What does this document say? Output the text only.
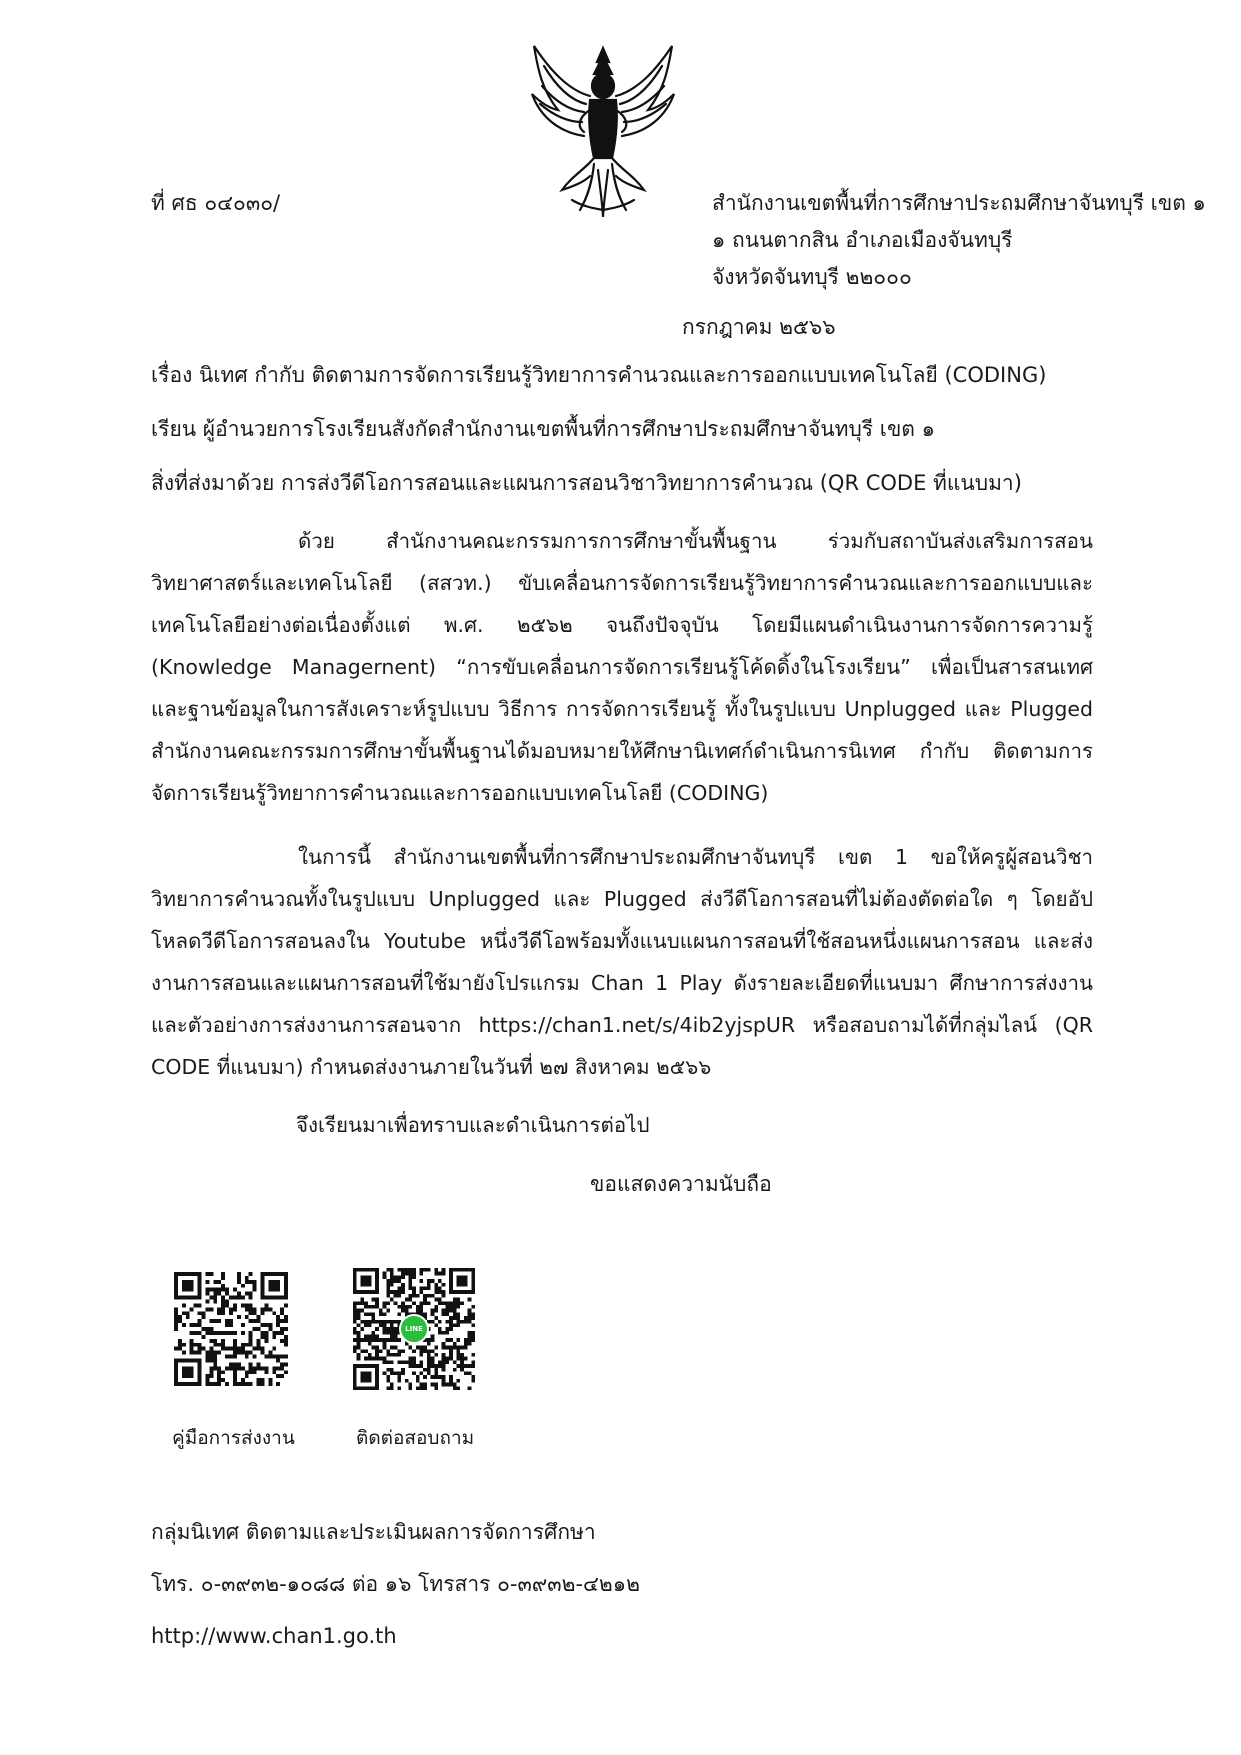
ที่ ศธ ๐๔๐๓๐/	สำนักงานเขตพื้นที่การศึกษาประถมศึกษาจันทบุรี เขต ๑
๑ ถนนตากสิน อำเภอเมืองจันทบุรี
จังหวัดจันทบุรี ๒๒๐๐๐
กรกฎาคม ๒๕๖๖
เรื่อง นิเทศ กำกับ ติดตามการจัดการเรียนรู้วิทยาการคำนวณและการออกแบบเทคโนโลยี (CODING)
เรียน ผู้อำนวยการโรงเรียนสังกัดสำนักงานเขตพื้นที่การศึกษาประถมศึกษาจันทบุรี เขต ๑
สิ่งที่ส่งมาด้วย การส่งวีดีโอการสอนและแผนการสอนวิชาวิทยาการคำนวณ (QR CODE ที่แนบมา)

ด้วย สำนักงานคณะกรรมการการศึกษาขั้นพื้นฐาน ร่วมกับสถาบันส่งเสริมการสอนวิทยาศาสตร์และเทคโนโลยี (สสวท.) ขับเคลื่อนการจัดการเรียนรู้วิทยาการคำนวณและการออกแบบและเทคโนโลยีอย่างต่อเนื่องตั้งแต่ พ.ศ. ๒๕๖๒ จนถึงปัจจุบัน โดยมีแผนดำเนินงานการจัดการความรู้ (Knowledge Managernent) “การขับเคลื่อนการจัดการเรียนรู้โค้ดดิ้งในโรงเรียน” เพื่อเป็นสารสนเทศ และฐานข้อมูลในการสังเคราะห์รูปแบบ วิธีการ การจัดการเรียนรู้ ทั้งในรูปแบบ Unplugged และ Plugged สำนักงานคณะกรรมการศึกษาขั้นพื้นฐานได้มอบหมายให้ศึกษานิเทศก์ดำเนินการนิเทศ กำกับ ติดตามการจัดการเรียนรู้วิทยาการคำนวณและการออกแบบเทคโนโลยี (CODING)

ในการนี้ สำนักงานเขตพื้นที่การศึกษาประถมศึกษาจันทบุรี เขต 1 ขอให้ครูผู้สอนวิชาวิทยาการคำนวณทั้งในรูปแบบ Unplugged และ Plugged ส่งวีดีโอการสอนที่ไม่ต้องตัดต่อใด ๆ โดยอัปโหลดวีดีโอการสอนลงใน Youtube หนึ่งวีดีโอพร้อมทั้งแนบแผนการสอนที่ใช้สอนหนึ่งแผนการสอน และส่งงานการสอนและแผนการสอนที่ใช้มายังโปรแกรม Chan 1 Play ดังรายละเอียดที่แนบมา ศึกษาการส่งงานและตัวอย่างการส่งงานการสอนจาก https://chan1.net/s/4ib2yjspUR หรือสอบถามได้ที่กลุ่มไลน์ (QR CODE ที่แนบมา) กำหนดส่งงานภายในวันที่ ๒๗ สิงหาคม ๒๕๖๖

จึงเรียนมาเพื่อทราบและดำเนินการต่อไป

ขอแสดงความนับถือ
LINE
คู่มือการส่งงาน	ติดต่อสอบถาม
กลุ่มนิเทศ ติดตามและประเมินผลการจัดการศึกษา
โทร. ๐-๓๙๓๒-๑๐๘๘ ต่อ ๑๖ โทรสาร ๐-๓๙๓๒-๔๒๑๒
http://www.chan1.go.th
